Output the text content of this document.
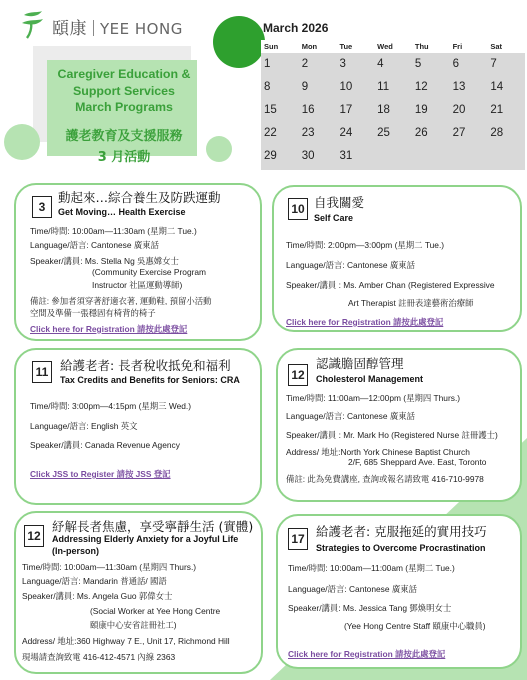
頤康 YEE HONG
Caregiver Education &
Support Services
March Programs
護老教育及支援服務
3 月活動
March 2026
Sun	Mon	Tue	Wed	Thu	Fri	Sat
1	2	3	4	5	6	7
8	9	10	11	12	13	14
15	16	17	18	19	20	21
22	23	24	25	26	27	28
29	30	31
3
動起來…綜合養生及防跌運動
Get Moving… Health Exercise
Time/時間: 10:00am—11:30am (星期二 Tue.)
Language/語言: Cantonese 廣東話
Speaker/講員: Ms. Stella Ng 吳惠嫦女士
(Community Exercise Program
Instructor 社區運動導師)
備註: 參加者須穿著舒適衣著, 運動鞋, 預留小活動
空間及準備一張穩固有椅背的椅子
Click here for Registration 請按此處登記
10 自我關愛
Self Care
Time/時間: 2:00pm—3:00pm (星期二 Tue.)
Language/語言: Cantonese 廣東話
Speaker/講員 : Ms. Amber Chan (Registered Expressive
Art Therapist 註冊表達藝術治療師
Click here for Registration 請按此處登記
11 給護老者: 長者稅收抵免和福利
Tax Credits and Benefits for Seniors: CRA
Time/時間: 3:00pm—4:15pm (星期三 Wed.)
Language/語言: English 英文
Speaker/講員: Canada Revenue Agency
Click JSS to Register 請按 JSS 登記
12
認識膽固醇管理
Cholesterol Management
Time/時間: 11:00am—12:00pm (星期四 Thurs.)
Language/語言: Cantonese 廣東話
Speaker/講員 : Mr. Mark Ho (Registered Nurse 註冊護士)
Address/ 地址:North York Chinese Baptist Church
2/F, 685 Sheppard Ave. East, Toronto
備註: 此為免費講座, 查詢或報名請致電 416-710-9978
12
紓解長者焦慮，享受寧靜生活 (實體)
Addressing Elderly Anxiety for a Joyful Life
(In-person)
Time/時間: 10:00am—11:30am (星期四 Thurs.)
Language/語言: Mandarin 普通話/ 國語
Speaker/講員: Ms. Angela Guo 郭偉女士
(Social Worker at Yee Hong Centre
頤康中心安省註冊社工)
Address/ 地址:360 Highway 7 E., Unit 17, Richmond Hill
現場請查詢致電 416-412-4571 內線 2363
17 給護老者: 克服拖延的實用技巧
Strategies to Overcome Procrastination
Time/時間: 10:00am—11:00am (星期二 Tue.)
Language/語言: Cantonese 廣東話
Speaker/講員: Ms. Jessica Tang 鄧煥明女士
(Yee Hong Centre Staff 頤康中心職員)
Click here for Registration 請按此處登記
